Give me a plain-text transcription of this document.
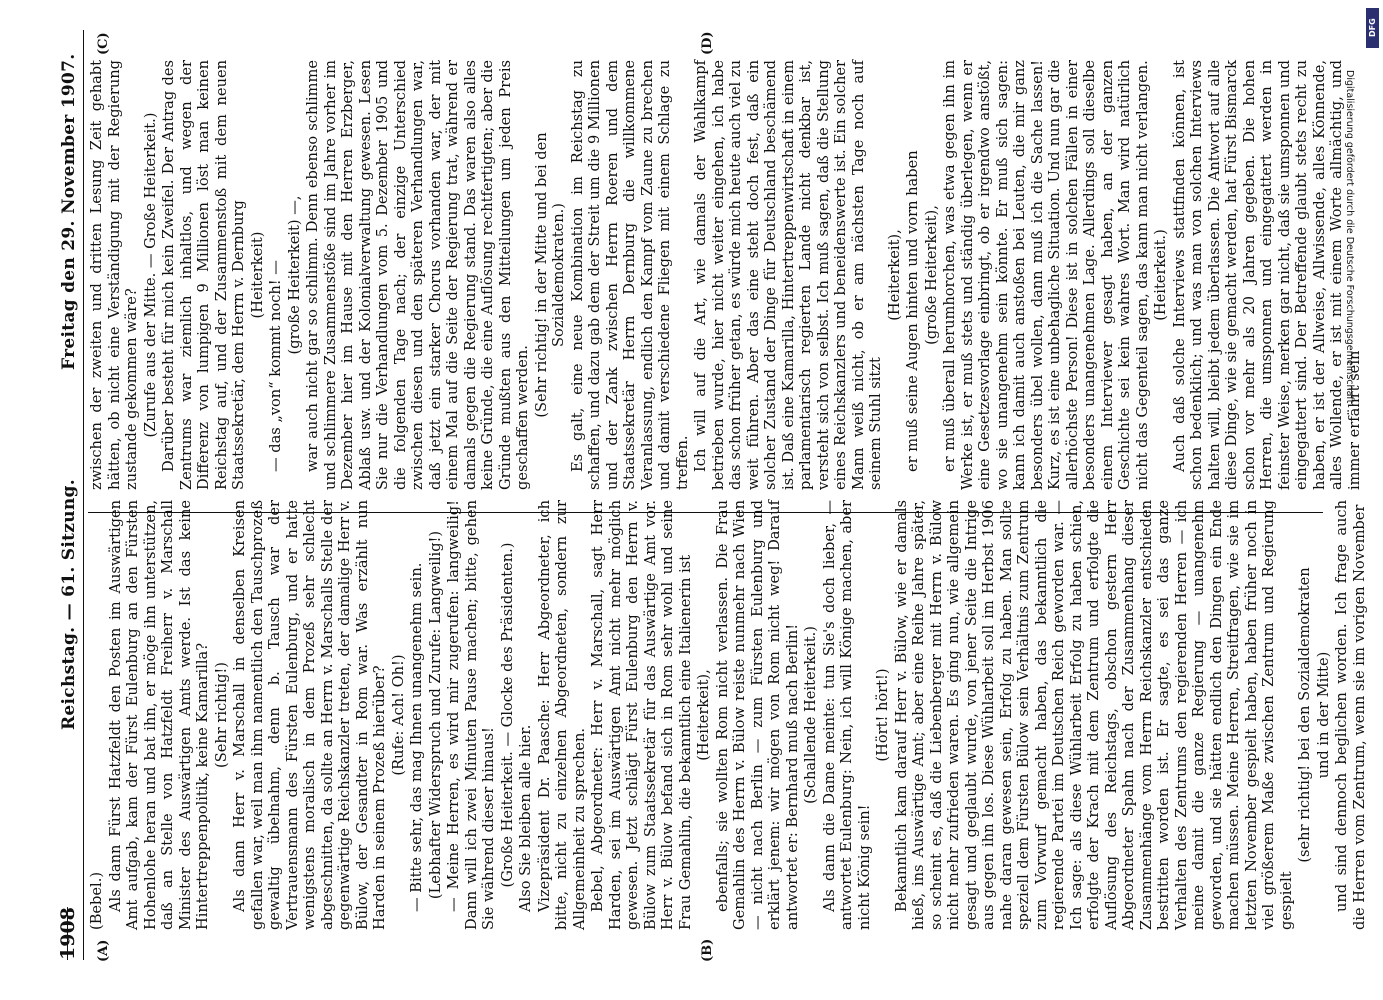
1908
Reichstag. — 61. Sitzung.
Freitag den 29. November 1907.
(A)	(B)
(C)	(D)

(Bebel.) Als dann Fürst Hatzfeldt den Posten im Auswärtigen Amt aufgab, kam der Fürst Eulenburg an den Fürsten Hohenlohe heran und bat ihn, er möge ihn unterstützen, daß an Stelle von Hatzfeldt Freiherr v. Marschall Minister des Auswärtigen Amts werde. Ist das keine Hintertreppenpolitik, keine Kamarilla? (Sehr richtig!) Als dann Herr v. Marschall in denselben Kreisen gefallen war, weil man ihm namentlich den Tauschprozeß gewaltig übelnahm, denn b. Tausch war der Vertrauensmann des Fürsten Eulenburg, und er hatte wenigstens moralisch in dem Prozeß sehr schlecht abgeschnitten, da sollte an Herrn v. Marschalls Stelle der gegenwärtige Reichskanzler treten, der damalige Herr v. Bülow, der Gesandter in Rom war. Was erzählt nun Harden in seinem Prozeß hierüber? (Rufe: Ach! Oh!) — Bitte sehr, das mag Ihnen unangenehm sein. (Lebhafter Widerspruch und Zurufe: Langweilig!) — Meine Herren, es wird mir zugerufen: langweilig! Dann will ich zwei Minuten Pause machen; bitte, gehen Sie während dieser hinaus! (Große Heiterkeit. — Glocke des Präsidenten.) Also Sie bleiben alle hier. Vizepräsident Dr. Paasche: Herr Abgeordneter, ich bitte, nicht zu einzelnen Abgeordneten, sondern zur Allgemeinheit zu sprechen. Bebel, Abgeordneter: Herr v. Marschall, sagt Herr Harden, sei im Auswärtigen Amt nicht mehr möglich gewesen. Jetzt schlägt Fürst Eulenburg den Herrn v. Bülow zum Staatssekretär für das Auswärtige Amt vor. Herr v. Bülow befand sich in Rom sehr wohl und seine Frau Gemahlin, die bekanntlich eine Italienerin ist (Heiterkeit), ebenfalls; sie wollten Rom nicht verlassen. Die Frau Gemahlin des Herrn v. Bülow reiste nunmehr nach Wien — nicht nach Berlin — zum Fürsten Eulenburg und erklärt jenem: wir mögen von Rom nicht weg! Darauf antwortet er: Bernhard muß nach Berlin! (Schallende Heiterkeit.) Als dann die Dame meinte: tun Sie's doch lieber, — antwortet Eulenburg: Nein, ich will Könige machen, aber nicht König sein!

(Hört! hört!) Bekanntlich kam darauf Herr v. Bülow, wie er damals hieß, ins Auswärtige Amt; aber eine Reihe Jahre später, so scheint es, daß die Liebenberger mit Herrn v. Bülow nicht mehr zufrieden waren. Es ging nun, wie allgemein gesagt und geglaubt wurde, von jener Seite die Intrige aus gegen ihn los. Diese Wühlarbeit soll im Herbst 1906 nahe daran gewesen sein, Erfolg zu haben. Man sollte speziell dem Fürsten Bülow sein Verhältnis zum Zentrum zum Vorwurf gemacht haben, das bekanntlich die regierende Partei im Deutschen Reich geworden war. — Ich sage: als diese Wühlarbeit Erfolg zu haben schien, erfolgte der Krach mit dem Zentrum und erfolgte die Auflösung des Reichstags, obschon gestern Herr Abgeordneter Spahn nach der Zusammenhang dieser Zusammenhänge vom Herrn Reichskanzler entschieden bestritten worden ist. Er sagte, es sei das ganze Verhalten des Zentrums den regierenden Herren — ich meine damit die ganze Regierung — unangenehm geworden, und sie hätten endlich den Dingen ein Ende machen müssen. Meine Herren, Streitfragen, wie sie im letzten November gespielt haben, haben früher noch in viel größerem Maße zwischen Zentrum und Regierung gespielt

(sehr richtig! bei den Sozialdemokraten und in der Mitte) und sind dennoch beglichen worden. Ich frage auch die Herren vom Zentrum, wenn sie im vorigen November

zwischen der zweiten und dritten Lesung Zeit gehabt hätten, ob nicht eine Verständigung mit der Regierung zustande gekommen wäre? (Zurufe aus der Mitte. — Große Heiterkeit.) Darüber besteht für mich kein Zweifel. Der Antrag des Zentrums war ziemlich inhaltlos, und wegen der Differenz von lumpigen 9 Millionen löst man keinen Reichstag auf, und der Zusammenstoß mit dem neuen Staatssekretär, dem Herrn v. Dernburg (Heiterkeit) — das „von“ kommt noch! — (große Heiterkeit) —, war auch nicht gar so schlimm. Denn ebenso schlimme und schlimmere Zusammenstöße sind im Jahre vorher im Dezember hier im Hause mit den Herren Erzberger, Ablaß usw. und der Kolonialverwaltung gewesen. Lesen Sie nur die Verhandlungen vom 5. Dezember 1905 und die folgenden Tage nach; der einzige Unterschied zwischen diesen und den späteren Verhandlungen war, daß jetzt ein starker Chorus vorhanden war, der mit einem Mal auf die Seite der Regierung trat, während er damals gegen die Regierung stand. Das waren also alles keine Gründe, die eine Auflösung rechtfertigten; aber die Gründe mußten aus den Mitteilungen um jeden Preis geschaffen werden. (Sehr richtig! in der Mitte und bei den Sozialdemokraten.) Es galt, eine neue Kombination im Reichstag zu schaffen, und dazu gab dem der Streit um die 9 Millionen und der Zank zwischen Herrn Roeren und dem Staatssekretär Herrn Dernburg die willkommene Veranlassung, endlich den Kampf vom Zaune zu brechen und damit verschiedene Fliegen mit einem Schlage zu treffen. Ich will auf die Art, wie damals der Wahlkampf betrieben wurde, hier nicht weiter eingehen, ich habe das schon früher getan, es würde mich heute auch viel zu weit führen. Aber das eine steht doch fest, daß ein solcher Zustand der Dinge für Deutschland beschämend ist. Daß eine Kamarilla, Hintertreppenwirtschaft in einem parlamentarisch regierten Lande nicht denkbar ist, versteht sich von selbst. Ich muß sagen, daß die Stellung eines Reichskanzlers und beneidenswerte ist. Ein solcher Mann weiß nicht, ob er am nächsten Tage noch auf seinem Stuhl sitzt

(Heiterkeit), er muß seine Augen hinten und vorn haben (große Heiterkeit), er muß überall herumhorchen, was etwa gegen ihn im Werke ist, er muß stets und ständig überlegen, wenn er eine Gesetzesvorlage einbringt, ob er irgendwo anstößt, wo sie unangenehm sein könnte. Er muß sich sagen: kann ich damit auch anstoßen bei Leuten, die mir ganz besonders übel wollen, dann muß ich die Sache lassen! Kurz, es ist eine unbehagliche Situation. Und nun gar die allerhöchste Person! Diese ist in solchen Fällen in einer besonders unangenehmen Lage. Allerdings soll dieselbe einem Interviewer gesagt haben, an der ganzen Geschichte sei kein wahres Wort. Man wird natürlich nicht das Gegenteil sagen, das kann man nicht verlangen. (Heiterkeit.) Auch daß solche Interviews stattfinden können, ist schon bedenklich; und was man von solchen Interviews halten will, bleibt jedem überlassen. Die Antwort auf alle diese Dinge, wie sie gemacht werden, hat Fürst Bismarck schon vor mehr als 20 Jahren gegeben. Die hohen Herren, die umsponnen und eingegattert werden in feinster Weise, merken gar nicht, daß sie umsponnen und eingegattert sind. Der Betreffende glaubt stets recht zu haben, er ist der Allweise, Allwissende, alles Könnende, alles Wollende, er ist mit einem Worte allmächtig, und immer erfährt sein

DFG
Digitalisierung gefördert durch die Deutsche Forschungsgemeinschaft
